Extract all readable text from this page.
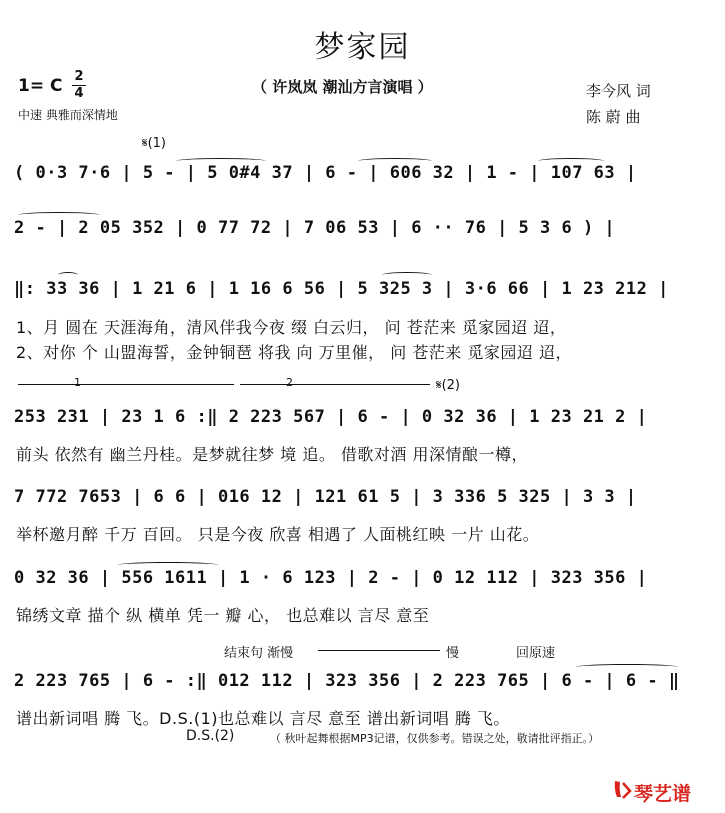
梦家园
1= C 2
4
中速 典雅而深情地
（ 许岚岚 潮汕方言演唱 ）	李今风 词
陈 蔚 曲
𝄋(1)
( 0·3 7·6 | 5 - | 5 0#4 37 | 6 - | 606 32 | 1 - | 107 63 |
2 - | 2 05 352 | 0 77 72 | 7 06 53 | 6 ·· 76 | 5 3 6 ) |
‖: 33 36 | 1 21 6 | 1 16 6 56 | 5 325 3 | 3·6 66 | 1 23 212 |
1、月 圆在 天涯海角，清风伴我今夜 缀 白云归， 问 苍茫来 觅家园迢 迢，
2、对你 个 山盟海誓，金钟铜琶 将我 向 万里催， 问 苍茫来 觅家园迢 迢，
1	2	𝄋(2)
253 231 | 23 1 6 :‖ 2 223 567 | 6 - | 0 32 36 | 1 23 21 2 |
前头 依然有 幽兰丹桂。是梦就往梦 境 追。 借歌对酒 用深情酿一樽，
7 772 7653 | 6 6 | 016 12 | 121 61 5 | 3 336 5 325 | 3 3 |
举杯邀月醉 千万 百回。 只是今夜 欣喜 相遇了 人面桃红映 一片 山花。
0 32 36 | 556 1611 | 1 · 6 123 | 2 - | 0 12 112 | 323 356 |
锦绣文章 描个 纵 横单 凭一 瓣 心， 也总难以 言尽 意至
结束句 渐慢	慢	回原速
2 223 765 | 6 - :‖ 012 112 | 323 356 | 2 223 765 | 6 - | 6 - ‖
谱出新词唱 腾 飞。D.S.(1)也总难以 言尽 意至 谱出新词唱 腾 飞。
D.S.(2)	（ 秋叶起舞根据MP3记谱，仅供参考。错误之处，敬请批评指正。）
琴艺谱
